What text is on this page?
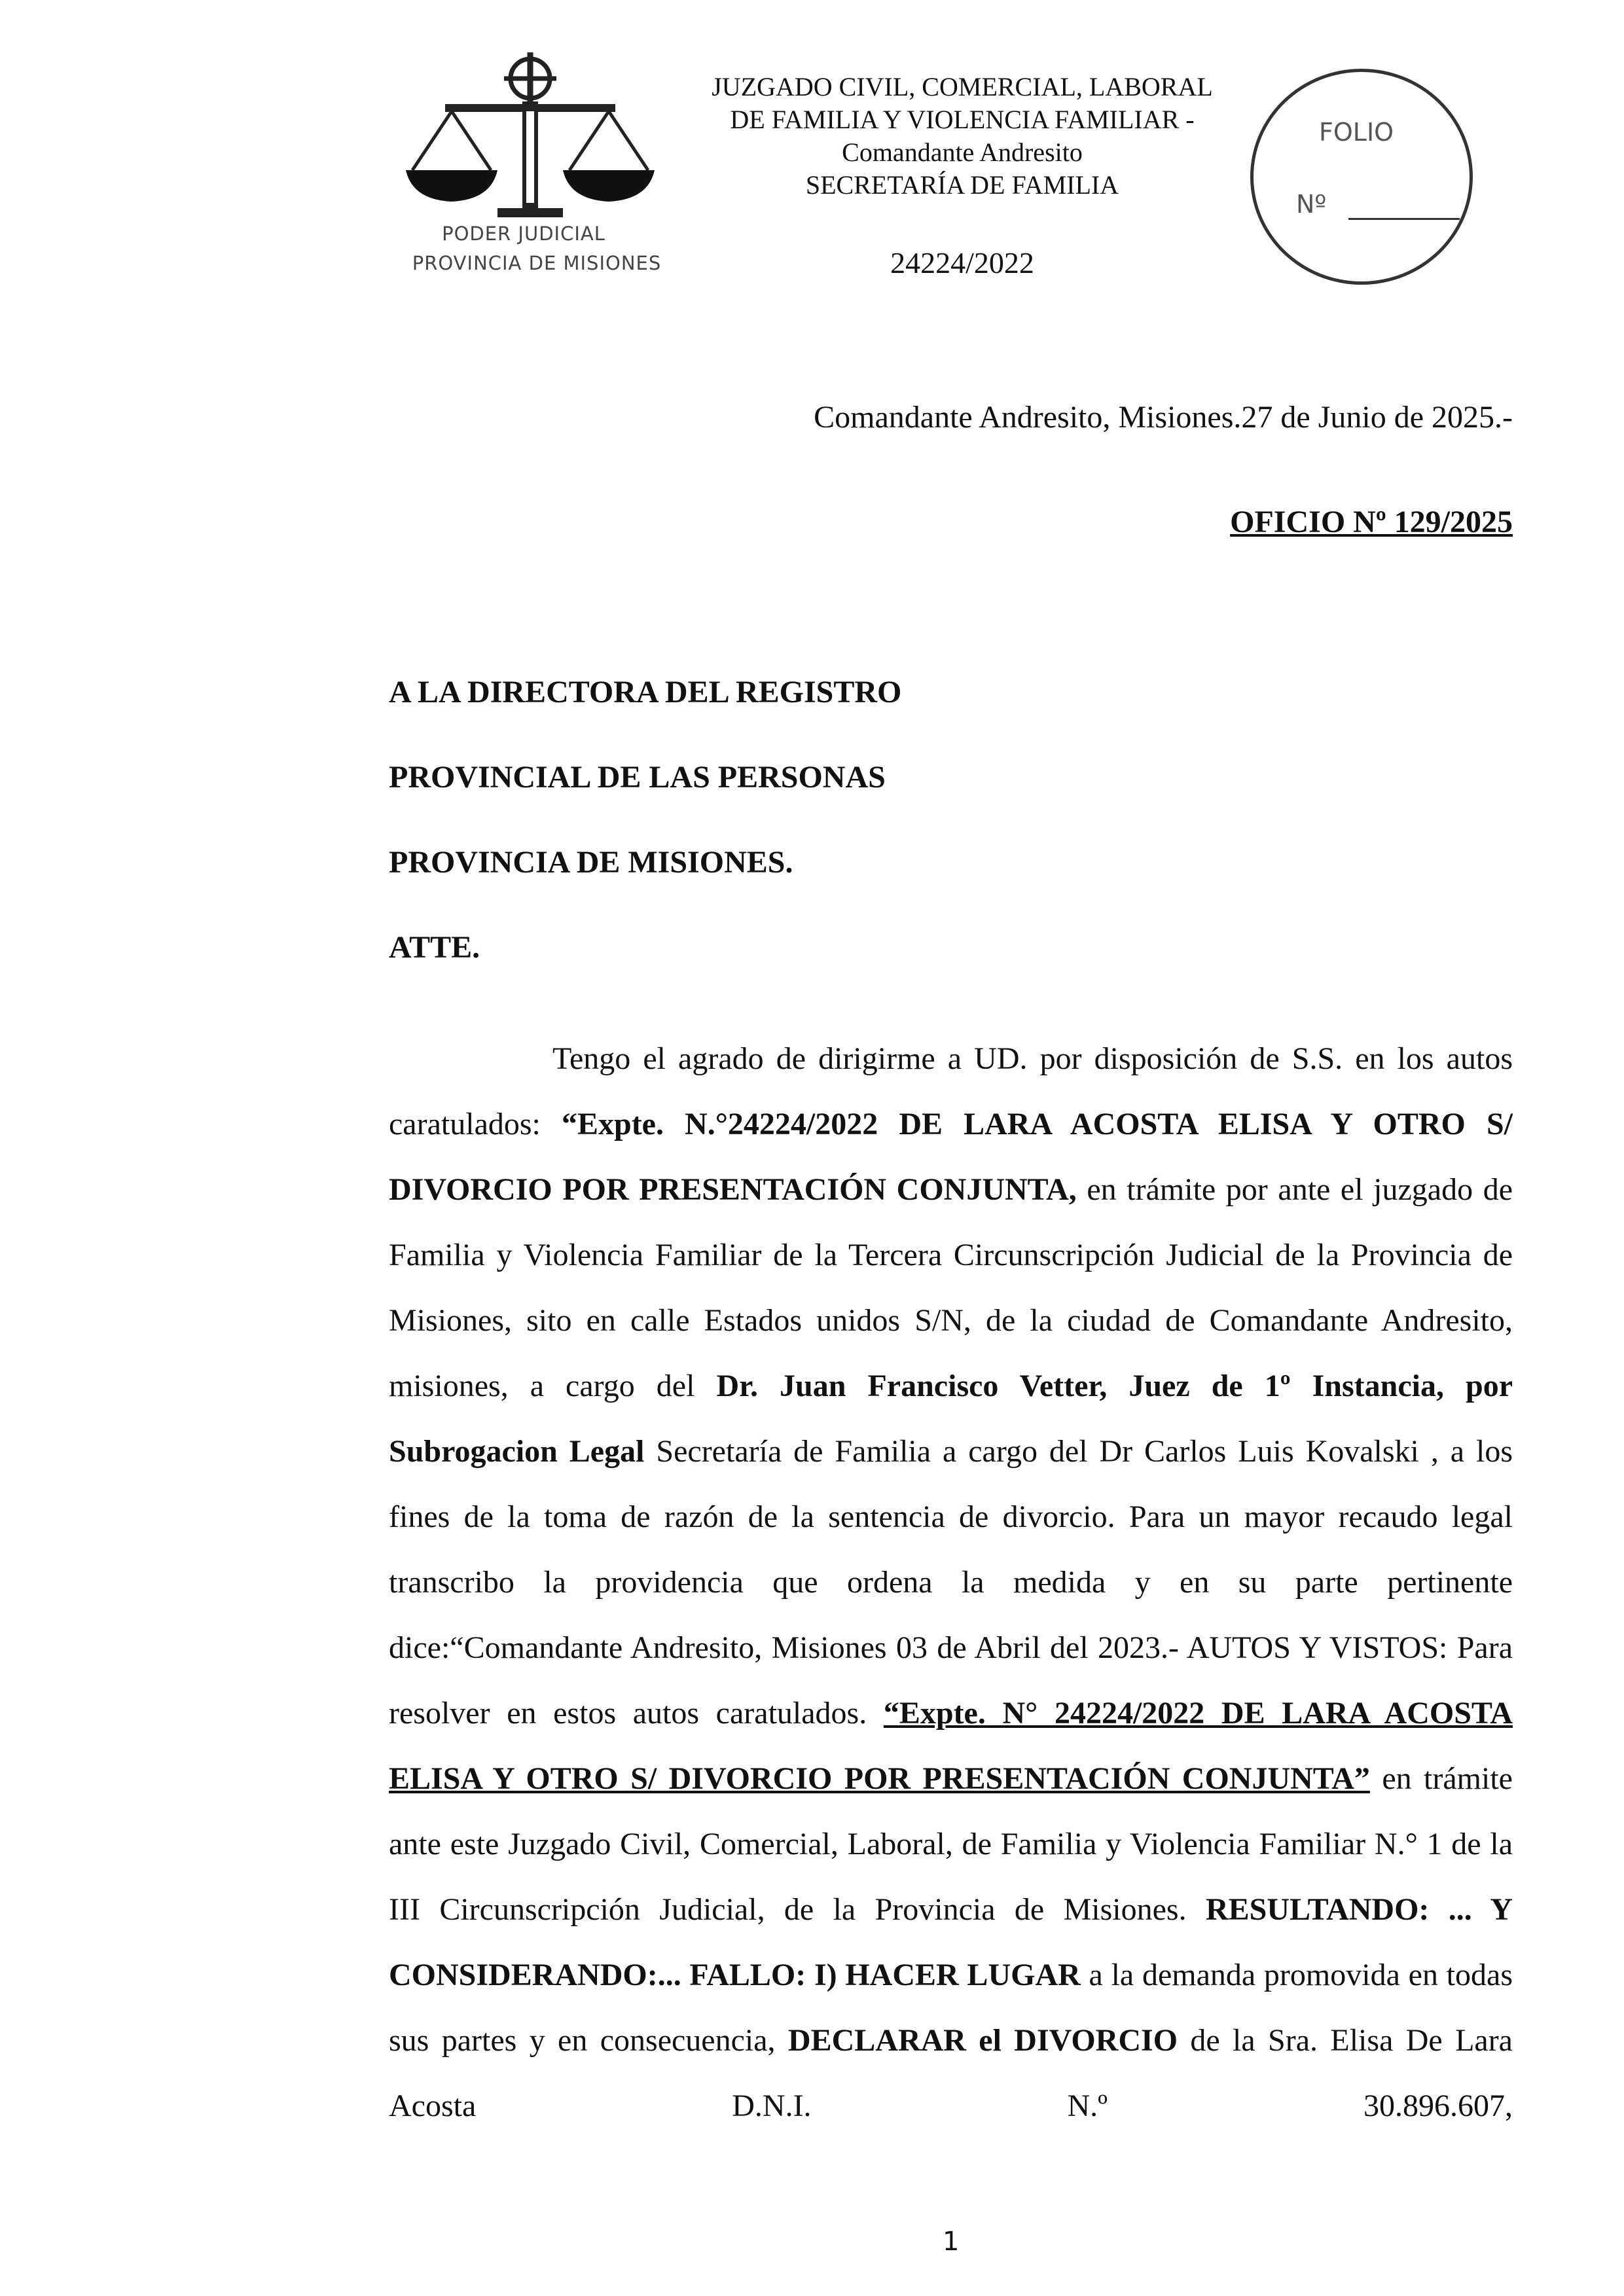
PODER JUDICIAL
PROVINCIA DE MISIONES
JUZGADO CIVIL, COMERCIAL, LABORAL
DE FAMILIA Y VIOLENCIA FAMILIAR -
Comandante Andresito
SECRETARÍA DE FAMILIA
24224/2022
FOLIO
Nº
Comandante Andresito, Misiones.27 de Junio de 2025.-
OFICIO Nº 129/2025
A LA DIRECTORA DEL REGISTRO
PROVINCIAL DE LAS PERSONAS
PROVINCIA DE MISIONES.
ATTE.

Tengo el agrado de dirigirme a UD. por disposición de S.S. en los autos caratulados: “Expte. N.°24224/2022 DE LARA ACOSTA ELISA Y OTRO S/ DIVORCIO POR PRESENTACIÓN CONJUNTA, en trámite por ante el juzgado de Familia y Violencia Familiar de la Tercera Circunscripción Judicial de la Provincia de Misiones, sito en calle Estados unidos S/N, de la ciudad de Comandante Andresito, misiones, a cargo del Dr. Juan Francisco Vetter, Juez de 1º Instancia, por Subrogacion Legal Secretaría de Familia a cargo del Dr Carlos Luis Kovalski , a los fines de la toma de razón de la sentencia de divorcio. Para un mayor recaudo legal transcribo la providencia que ordena la medida y en su parte pertinente dice:“Comandante Andresito, Misiones 03 de Abril del 2023.- AUTOS Y VISTOS: Para resolver en estos autos caratulados. “Expte. N° 24224/2022 DE LARA ACOSTA ELISA Y OTRO S/ DIVORCIO POR PRESENTACIÓN CONJUNTA” en trámite ante este Juzgado Civil, Comercial, Laboral, de Familia y Violencia Familiar N.° 1 de la III Circunscripción Judicial, de la Provincia de Misiones. RESULTANDO: ... Y CONSIDERANDO:... FALLO: I) HACER LUGAR a la demanda promovida en todas sus partes y en consecuencia, DECLARAR el DIVORCIO de la Sra. Elisa De Lara Acosta D.N.I. N.º 30.896.607,

1
